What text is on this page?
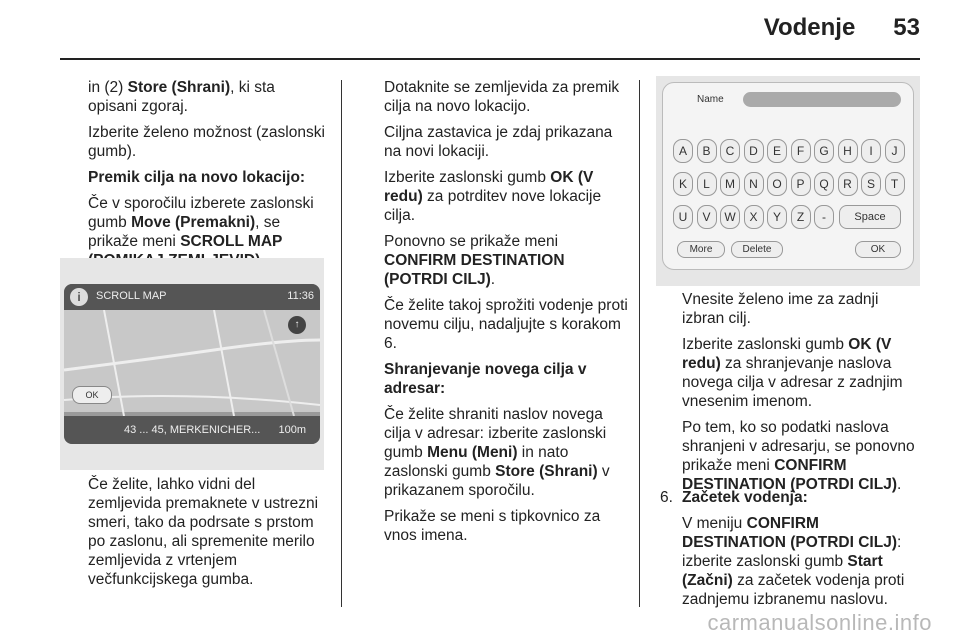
Vodenje 53

in (2) Store (Shrani), ki sta opisani zgoraj.

Izberite želeno možnost (zaslonski gumb).

Premik cilja na novo lokacijo:

Če v sporočilu izberete zaslonski gumb Move (Premakni), se prikaže meni SCROLL MAP

i	SCROLL MAP	11:36
↑
OK
43 ... 45, MERKENICHER... 100m

Če želite, lahko vidni del zemljevida premaknete v ustrezni smeri, tako da podrsate s prstom po zaslonu, ali spremenite merilo zemljevida z vrtenjem večfunkcijskega gumba.

Dotaknite se zemljevida za premik cilja na novo lokacijo.

Ciljna zastavica je zdaj prikazana na novi lokaciji.

Izberite zaslonski gumb OK (V redu) za potrditev nove lokacije cilja.

Ponovno se prikaže meni CONFIRM DESTINATION (POTRDI CILJ).

Če želite takoj sprožiti vodenje proti novemu cilju, nadaljujte s korakom 6.

Shranjevanje novega cilja v adresar:

Če želite shraniti naslov novega cilja v adresar: izberite zaslonski gumb Menu (Meni) in nato zaslonski gumb Store (Shrani) v prikazanem sporočilu.

Prikaže se meni s tipkovnico za vnos imena.

Name
A	B	C	D	E	F	G	H	I	J
K	L	M	N	O	P	Q	R	S	T
U	V	W	X	Y	Z	-	Space
More	Delete	OK

Vnesite želeno ime za zadnji izbran cilj.

Izberite zaslonski gumb OK (V redu) za shranjevanje naslova novega cilja v adresar z zadnjim vnesenim imenom.

Po tem, ko so podatki naslova shranjeni v adresarju, se ponovno prikaže meni CONFIRM DESTINATION (POTRDI CILJ).

6. Začetek vodenja:

V meniju CONFIRM DESTINATION (POTRDI CILJ): izberite zaslonski gumb Start (Začni) za začetek vodenja proti zadnjemu izbranemu naslovu.

carmanualsonline.info
